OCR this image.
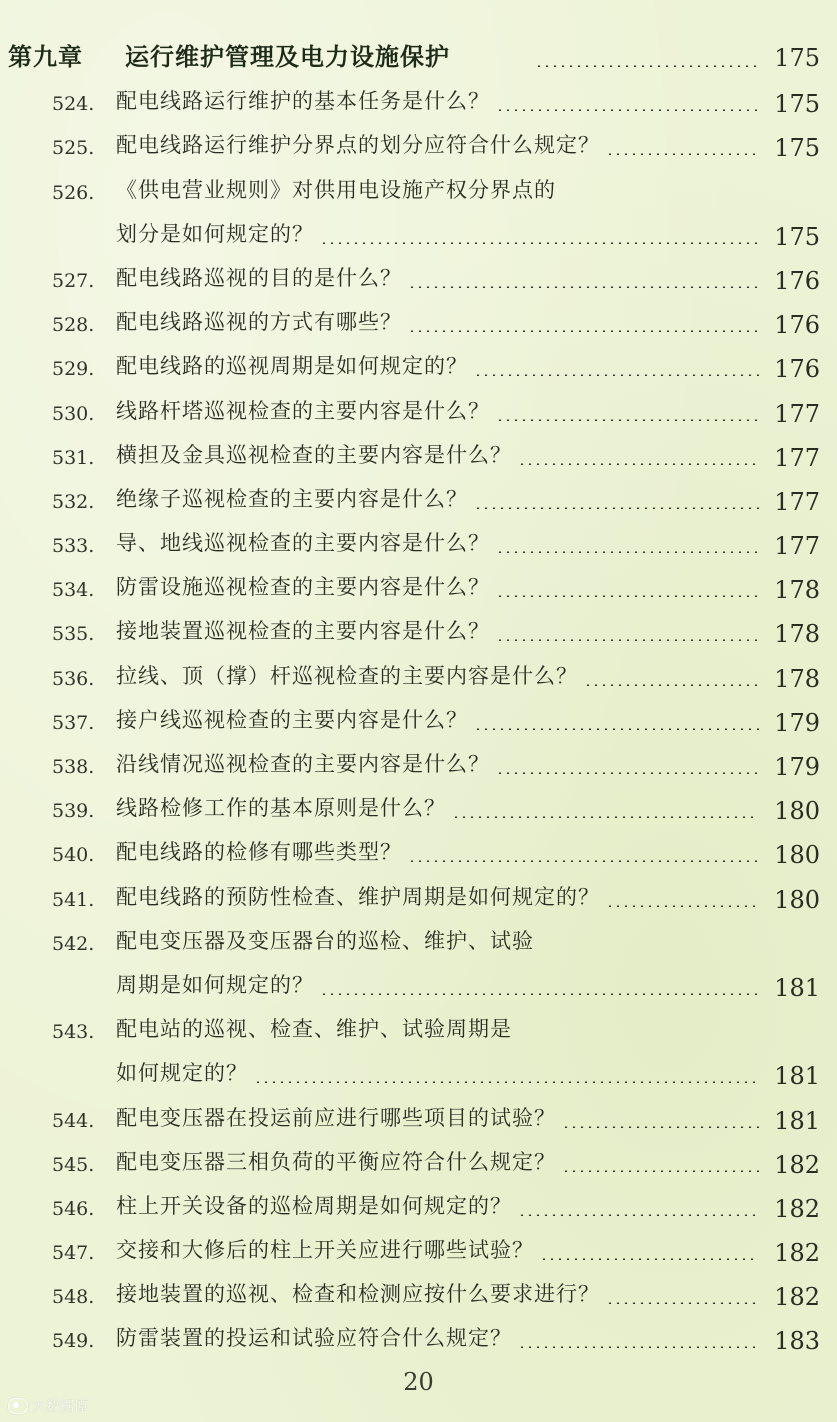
第九章 运行维护管理及电力设施保护	175
524. 配电线路运行维护的基本任务是什么？	175
525. 配电线路运行维护分界点的划分应符合什么规定？	175
526. 《供电营业规则》对供用电设施产权分界点的
划分是如何规定的？	175
527. 配电线路巡视的目的是什么？	176
528. 配电线路巡视的方式有哪些？	176
529. 配电线路的巡视周期是如何规定的？	176
530. 线路杆塔巡视检查的主要内容是什么？	177
531. 横担及金具巡视检查的主要内容是什么？	177
532. 绝缘子巡视检查的主要内容是什么？	177
533. 导、地线巡视检查的主要内容是什么？	177
534. 防雷设施巡视检查的主要内容是什么？	178
535. 接地装置巡视检查的主要内容是什么？	178
536. 拉线、顶（撑）杆巡视检查的主要内容是什么？	178
537. 接户线巡视检查的主要内容是什么？	179
538. 沿线情况巡视检查的主要内容是什么？	179
539. 线路检修工作的基本原则是什么？	180
540. 配电线路的检修有哪些类型？	180
541. 配电线路的预防性检查、维护周期是如何规定的？	180
542. 配电变压器及变压器台的巡检、维护、试验
周期是如何规定的？	181
543. 配电站的巡视、检查、维护、试验周期是
如何规定的？	181
544. 配电变压器在投运前应进行哪些项目的试验？	181
545. 配电变压器三相负荷的平衡应符合什么规定？	182
546. 柱上开关设备的巡检周期是如何规定的？	182
547. 交接和大修后的柱上开关应进行哪些试验？	182
548. 接地装置的巡视、检查和检测应按什么要求进行？	182
549. 防雷装置的投运和试验应符合什么规定？	183
20
大数据谭
